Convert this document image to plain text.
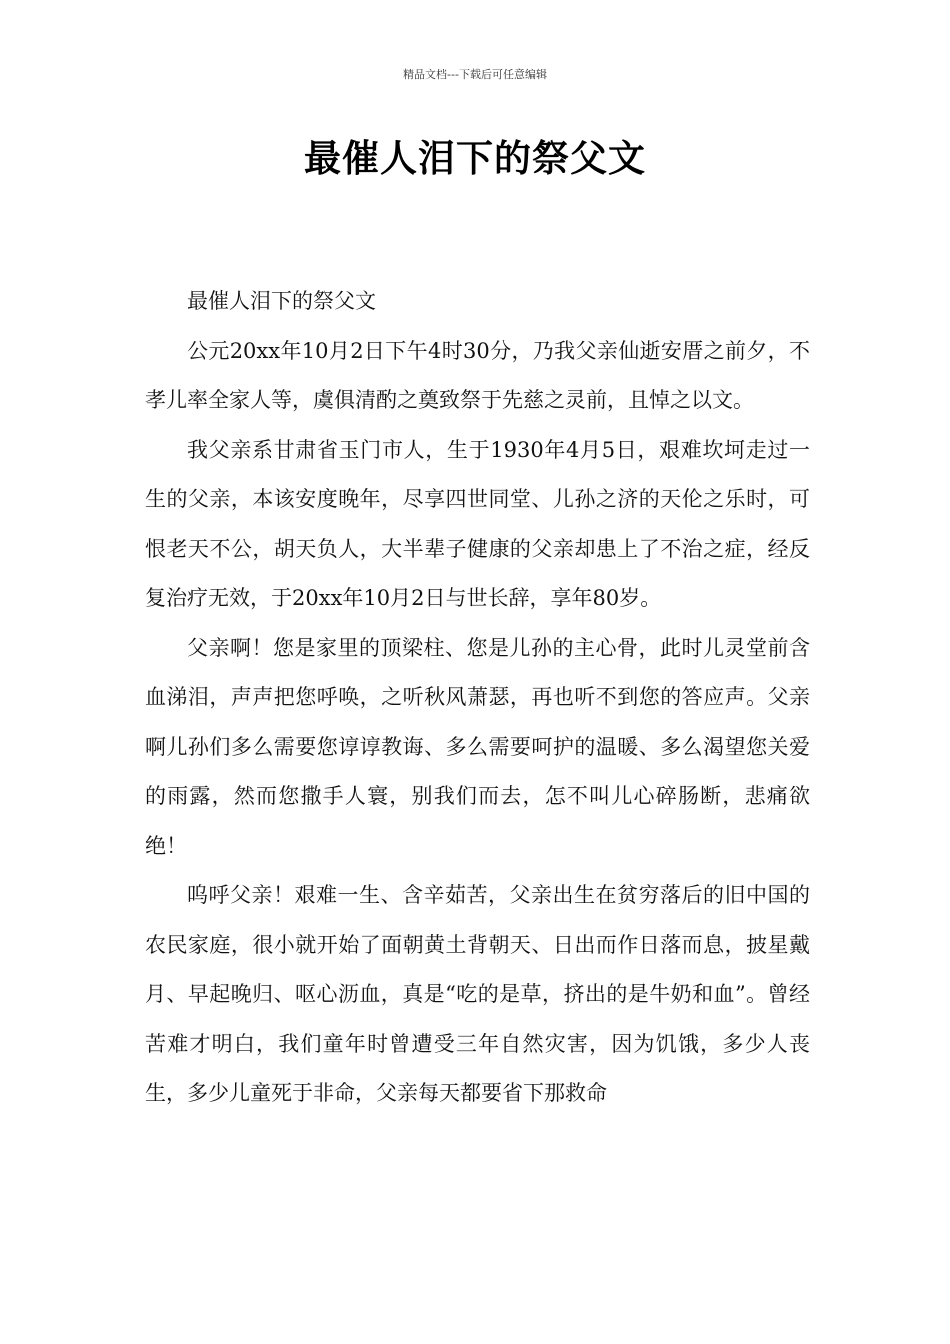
精品文档---下载后可任意编辑
最催人泪下的祭父文

最催人泪下的祭父文

公元20xx年10月2日下午4时30分，乃我父亲仙逝安厝之前夕，不孝儿率全家人等，虞俱清酌之奠致祭于先慈之灵前，且悼之以文。

我父亲系甘肃省玉门市人，生于1930年4月5日，艰难坎坷走过一生的父亲，本该安度晚年，尽享四世同堂、儿孙之济的天伦之乐时，可恨老天不公，胡天负人，大半辈子健康的父亲却患上了不治之症，经反复治疗无效，于20xx年10月2日与世长辞，享年80岁。

父亲啊！您是家里的顶梁柱、您是儿孙的主心骨，此时儿灵堂前含血涕泪，声声把您呼唤，之听秋风萧瑟，再也听不到您的答应声。父亲啊儿孙们多么需要您谆谆教诲、多么需要呵护的温暖、多么渴望您关爱的雨露，然而您撒手人寰，别我们而去，怎不叫儿心碎肠断，悲痛欲绝！

呜呼父亲！艰难一生、含辛茹苦，父亲出生在贫穷落后的旧中国的农民家庭，很小就开始了面朝黄土背朝天、日出而作日落而息，披星戴月、早起晚归、呕心沥血，真是“吃的是草，挤出的是牛奶和血”。曾经苦难才明白，我们童年时曾遭受三年自然灾害，因为饥饿，多少人丧生，多少儿童死于非命，父亲每天都要省下那救命
